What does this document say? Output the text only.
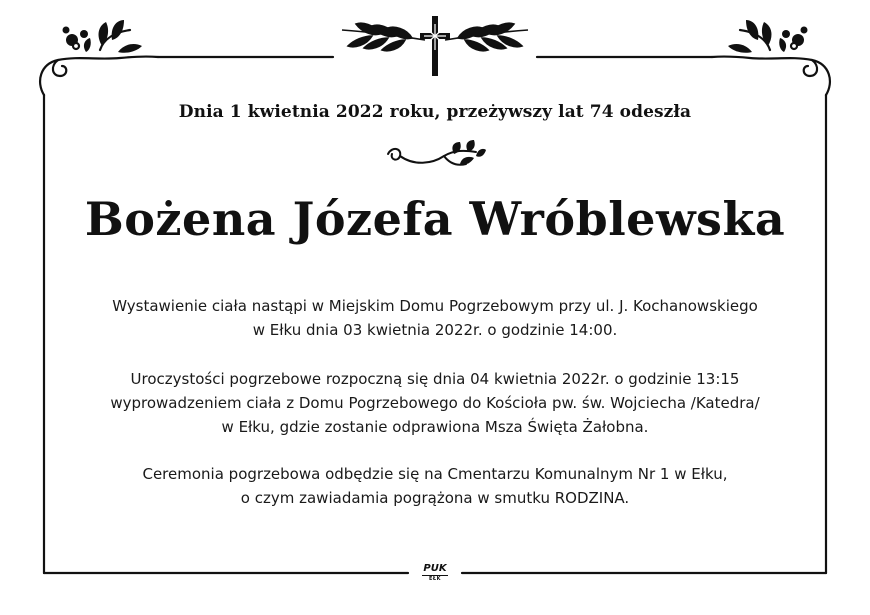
Dnia 1 kwietnia 2022 roku, przeżywszy lat 74 odeszła
Bożena Józefa Wróblewska
Wystawienie ciała nastąpi w Miejskim Domu Pogrzebowym przy ul. J. Kochanowskiego
w Ełku dnia 03 kwietnia 2022r. o godzinie 14:00.
Uroczystości pogrzebowe rozpoczną się dnia 04 kwietnia 2022r. o godzinie 13:15
wyprowadzeniem ciała z Domu Pogrzebowego do Kościoła pw. św. Wojciecha /Katedra/
w Ełku, gdzie zostanie odprawiona Msza Święta Żałobna.
Ceremonia pogrzebowa odbędzie się na Cmentarzu Komunalnym Nr 1 w Ełku,
o czym zawiadamia pogrążona w smutku RODZINA.
PUK
EŁK
